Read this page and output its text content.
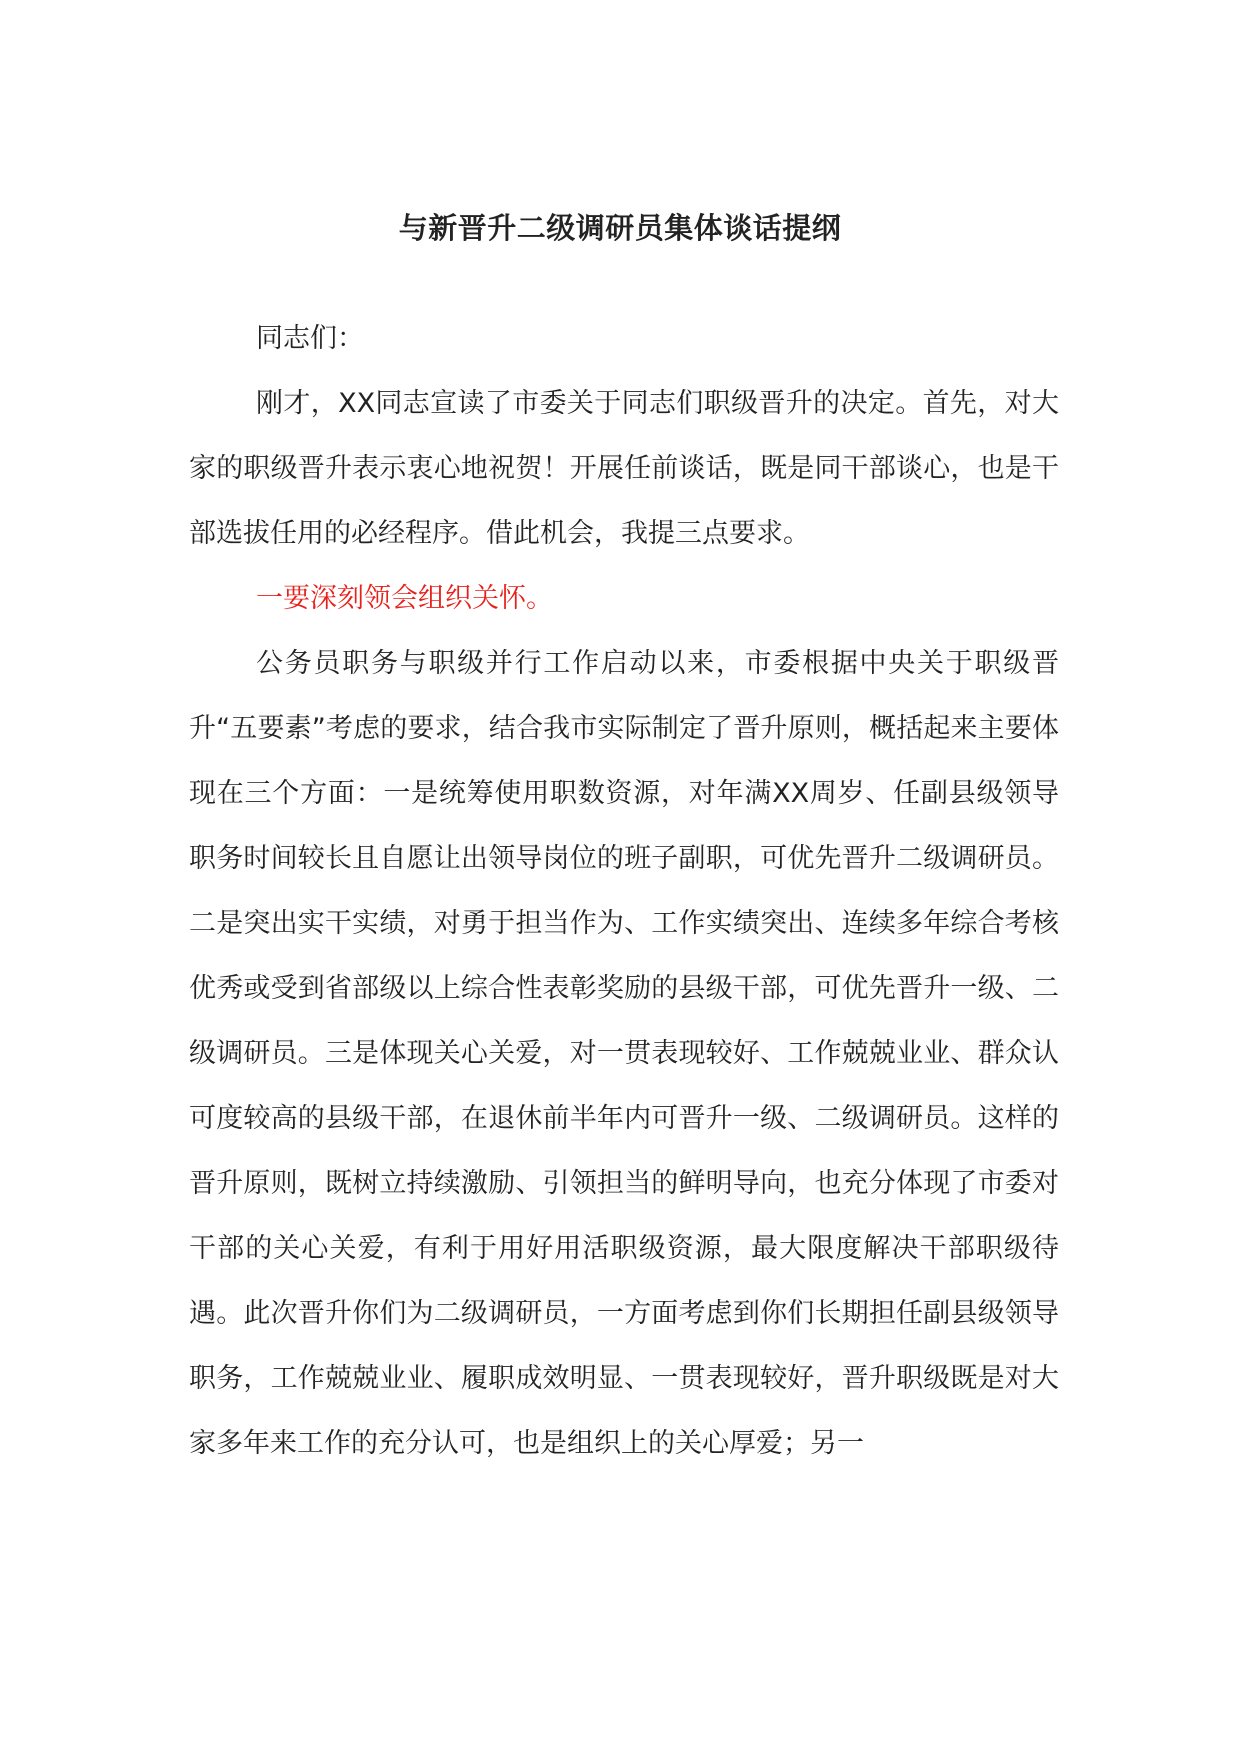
与新晋升二级调研员集体谈话提纲

同志们：

刚才，XX同志宣读了市委关于同志们职级晋升的决定。首先，对大家的职级晋升表示衷心地祝贺！开展任前谈话，既是同干部谈心，也是干部选拔任用的必经程序。借此机会，我提三点要求。

一要深刻领会组织关怀。

公务员职务与职级并行工作启动以来，市委根据中央关于职级晋升“五要素”考虑的要求，结合我市实际制定了晋升原则，概括起来主要体现在三个方面：一是统筹使用职数资源，对年满XX周岁、任副县级领导职务时间较长且自愿让出领导岗位的班子副职，可优先晋升二级调研员。二是突出实干实绩，对勇于担当作为、工作实绩突出、连续多年综合考核优秀或受到省部级以上综合性表彰奖励的县级干部，可优先晋升一级、二级调研员。三是体现关心关爱，对一贯表现较好、工作兢兢业业、群众认可度较高的县级干部，在退休前半年内可晋升一级、二级调研员。这样的晋升原则，既树立持续激励、引领担当的鲜明导向，也充分体现了市委对干部的关心关爱，有利于用好用活职级资源，最大限度解决干部职级待遇。此次晋升你们为二级调研员，一方面考虑到你们长期担任副县级领导职务，工作兢兢业业、履职成效明显、一贯表现较好，晋升职级既是对大家多年来工作的充分认可，也是组织上的关心厚爱；另一
